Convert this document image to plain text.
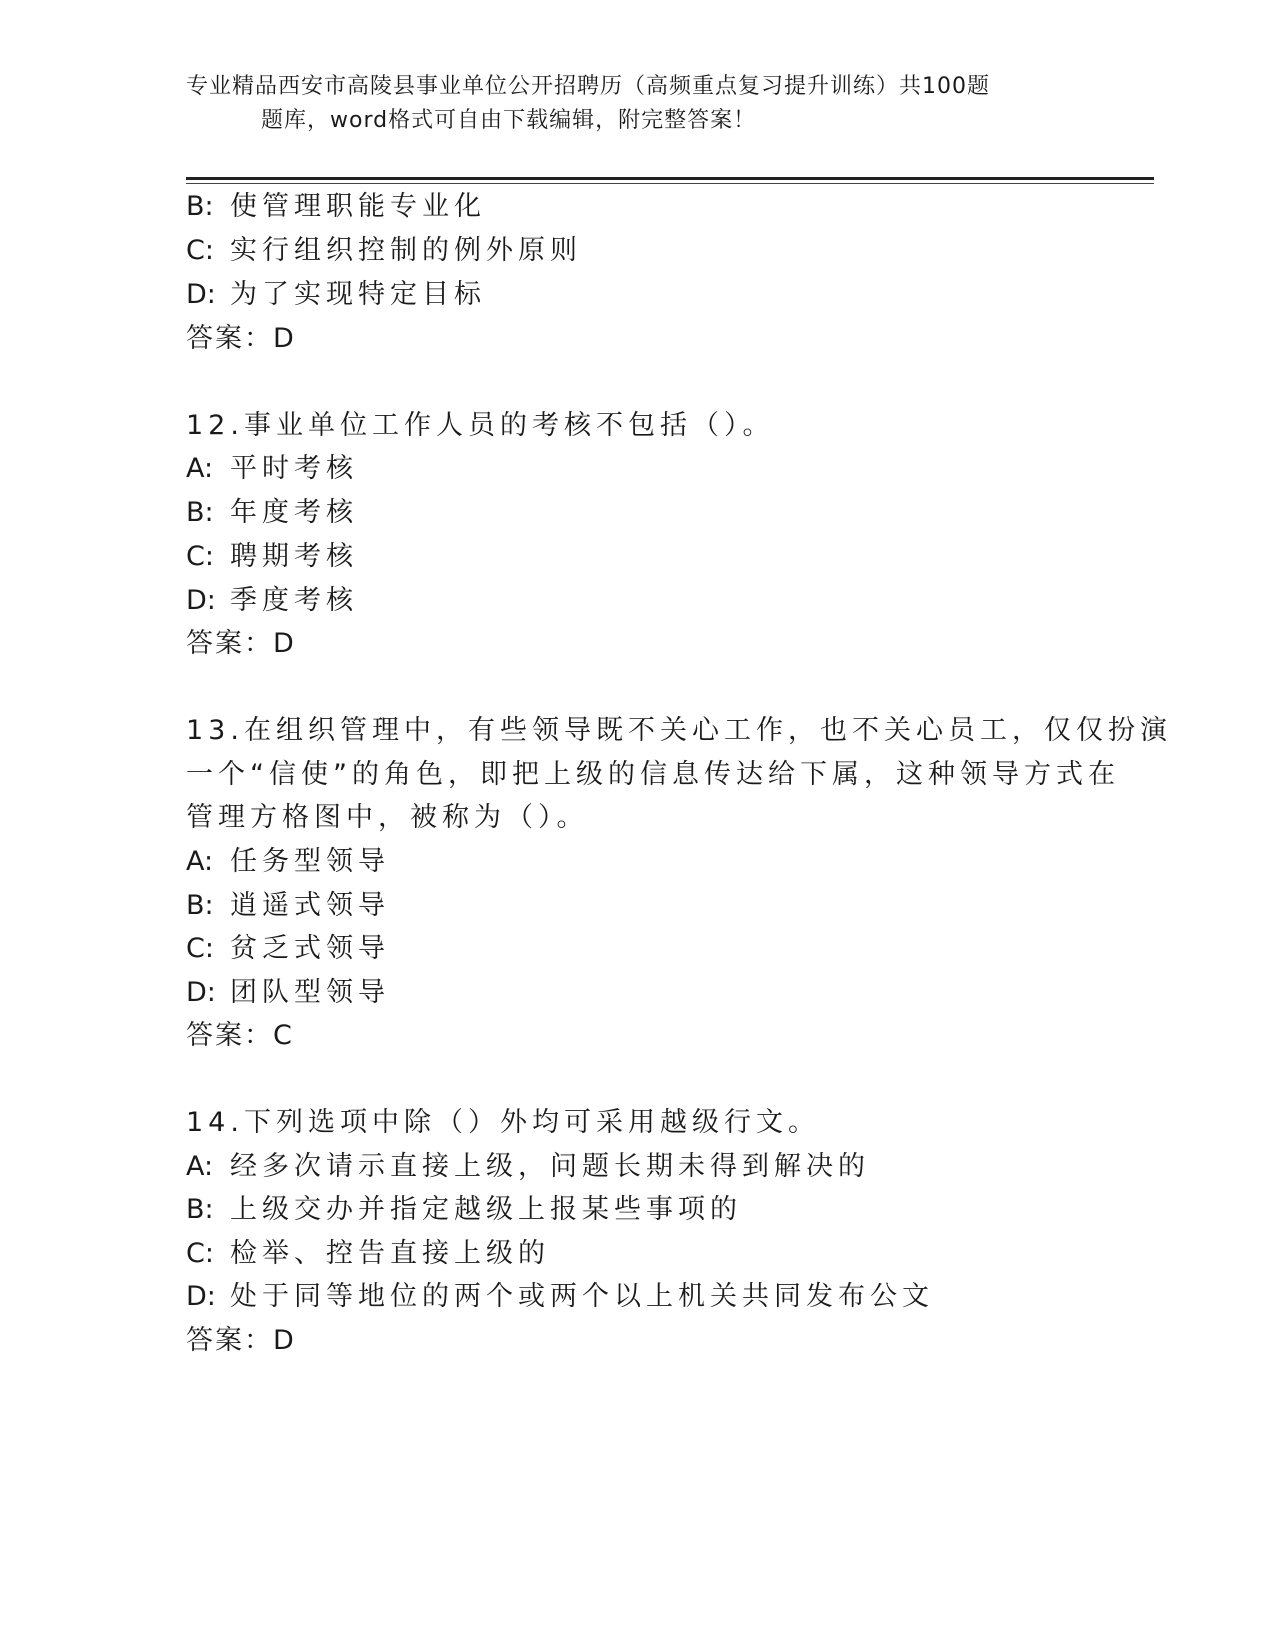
专业精品西安市高陵县事业单位公开招聘历（高频重点复习提升训练）共100题
题库，word格式可自由下载编辑，附完整答案！
B: 使管理职能专业化
C: 实行组织控制的例外原则
D: 为了实现特定目标
答案：D
12.事业单位工作人员的考核不包括（）。
A: 平时考核
B: 年度考核
C: 聘期考核
D: 季度考核
答案：D
13.在组织管理中，有些领导既不关心工作，也不关心员工，仅仅扮演
一个“信使”的角色，即把上级的信息传达给下属，这种领导方式在
管理方格图中，被称为（）。
A: 任务型领导
B: 逍遥式领导
C: 贫乏式领导
D: 团队型领导
答案：C
14.下列选项中除（）外均可采用越级行文。
A: 经多次请示直接上级，问题长期未得到解决的
B: 上级交办并指定越级上报某些事项的
C: 检举、控告直接上级的
D: 处于同等地位的两个或两个以上机关共同发布公文
答案：D
